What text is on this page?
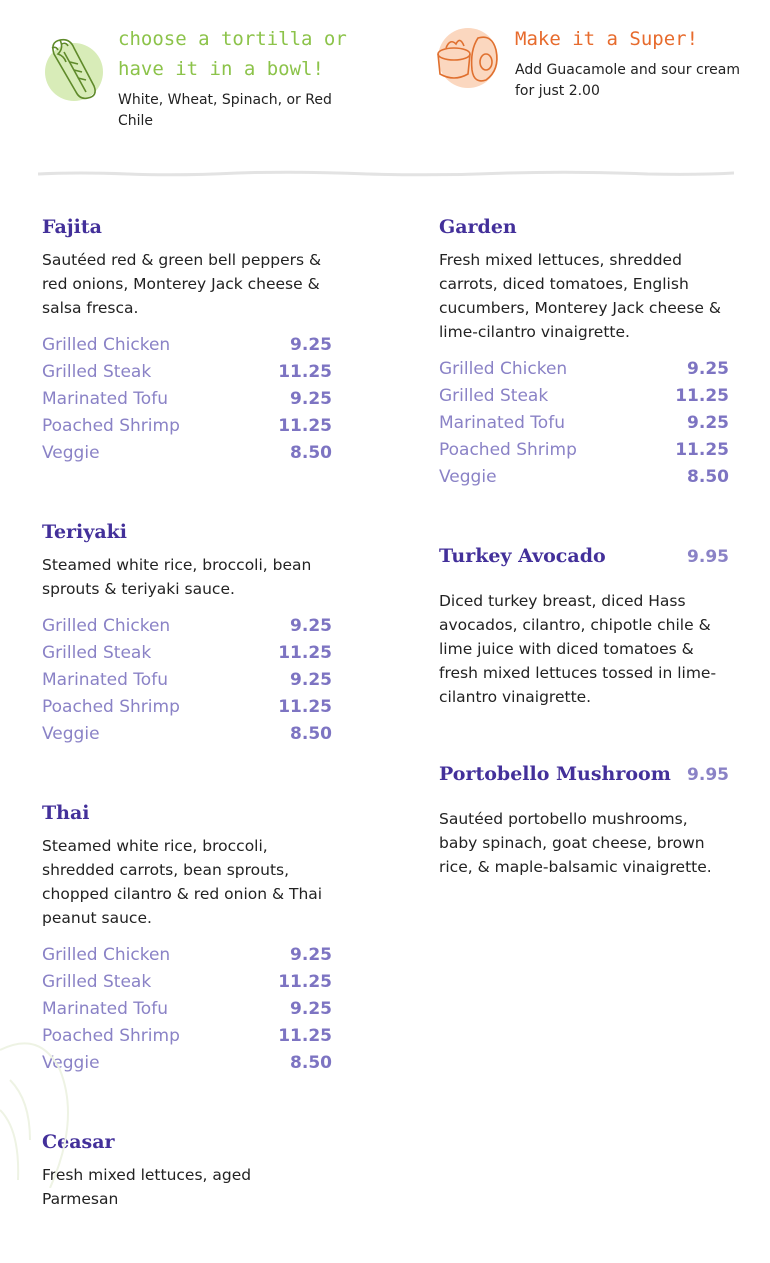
choose a tortilla or

have it in a bowl!

White, Wheat, Spinach, or Red Chile

Make it a Super!

Add Guacamole and sour cream for just 2.00
Fajita

Sautéed red & green bell peppers & red onions, Monterey Jack cheese & salsa fresca.

Grilled Chicken	9.25
Grilled Steak	11.25
Marinated Tofu	9.25
Poached Shrimp	11.25
Veggie	8.50
Teriyaki

Steamed white rice, broccoli, bean sprouts & teriyaki sauce.

Grilled Chicken	9.25
Grilled Steak	11.25
Marinated Tofu	9.25
Poached Shrimp	11.25
Veggie	8.50
Thai

Steamed white rice, broccoli, shredded carrots, bean sprouts, chopped cilantro & red onion & Thai peanut sauce.

Grilled Chicken	9.25
Grilled Steak	11.25
Marinated Tofu	9.25
Poached Shrimp	11.25
Veggie	8.50
Ceasar

Fresh mixed lettuces, aged Parmesan

Garden

Fresh mixed lettuces, shredded carrots, diced tomatoes, English cucumbers, Monterey Jack cheese & lime-cilantro vinaigrette.

Grilled Chicken	9.25
Grilled Steak	11.25
Marinated Tofu	9.25
Poached Shrimp	11.25
Veggie	8.50
Turkey Avocado	9.95

Diced turkey breast, diced Hass avocados, cilantro, chipotle chile & lime juice with diced tomatoes & fresh mixed lettuces tossed in lime-cilantro vinaigrette.

Portobello Mushroom 9.95

Sautéed portobello mushrooms, baby spinach, goat cheese, brown rice, & maple-balsamic vinaigrette.
